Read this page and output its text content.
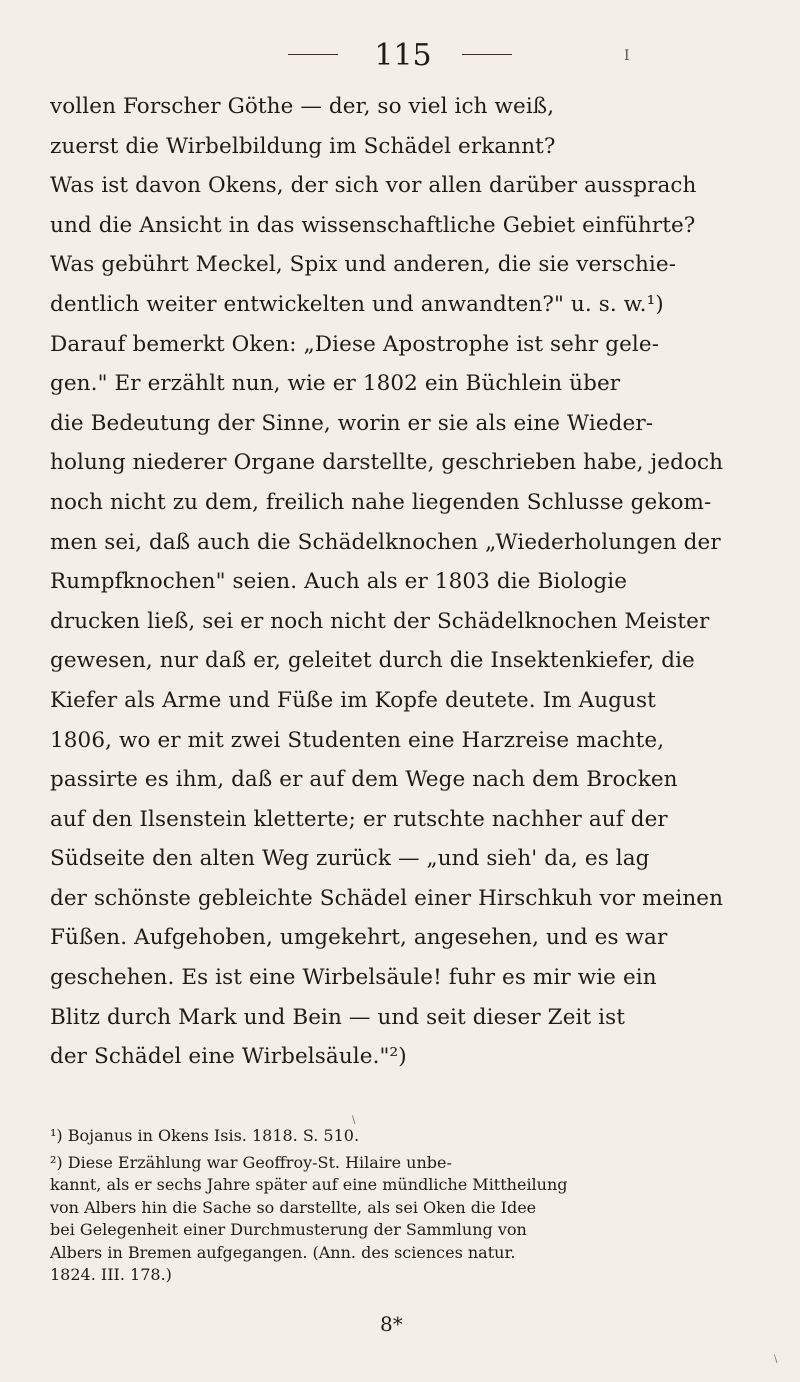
115	I
vollen Forscher Göthe — der, so viel ich weiß,
zuerst die Wirbelbildung im Schädel erkannt?
Was ist davon Okens, der sich vor allen darüber aussprach
und die Ansicht in das wissenschaftliche Gebiet einführte?
Was gebührt Meckel, Spix und anderen, die sie verschie-
dentlich weiter entwickelten und anwandten?" u. s. w.¹)
Darauf bemerkt Oken: „Diese Apostrophe ist sehr gele-
gen." Er erzählt nun, wie er 1802 ein Büchlein über
die Bedeutung der Sinne, worin er sie als eine Wieder-
holung niederer Organe darstellte, geschrieben habe, jedoch
noch nicht zu dem, freilich nahe liegenden Schlusse gekom-
men sei, daß auch die Schädelknochen „Wiederholungen der
Rumpfknochen" seien. Auch als er 1803 die Biologie
drucken ließ, sei er noch nicht der Schädelknochen Meister
gewesen, nur daß er, geleitet durch die Insektenkiefer, die
Kiefer als Arme und Füße im Kopfe deutete. Im August
1806, wo er mit zwei Studenten eine Harzreise machte,
passirte es ihm, daß er auf dem Wege nach dem Brocken
auf den Ilsenstein kletterte; er rutschte nachher auf der
Südseite den alten Weg zurück — „und sieh' da, es lag
der schönste gebleichte Schädel einer Hirschkuh vor meinen
Füßen. Aufgehoben, umgekehrt, angesehen, und es war
geschehen. Es ist eine Wirbelsäule! fuhr es mir wie ein
Blitz durch Mark und Bein — und seit dieser Zeit ist
der Schädel eine Wirbelsäule."²)
\
¹) Bojanus in Okens Isis. 1818. S. 510.
²) Diese Erzählung war Geoffroy-St. Hilaire unbe-
kannt, als er sechs Jahre später auf eine mündliche Mittheilung
von Albers hin die Sache so darstellte, als sei Oken die Idee
bei Gelegenheit einer Durchmusterung der Sammlung von
Albers in Bremen aufgegangen. (Ann. des sciences natur.
1824. III. 178.)
8*
\
